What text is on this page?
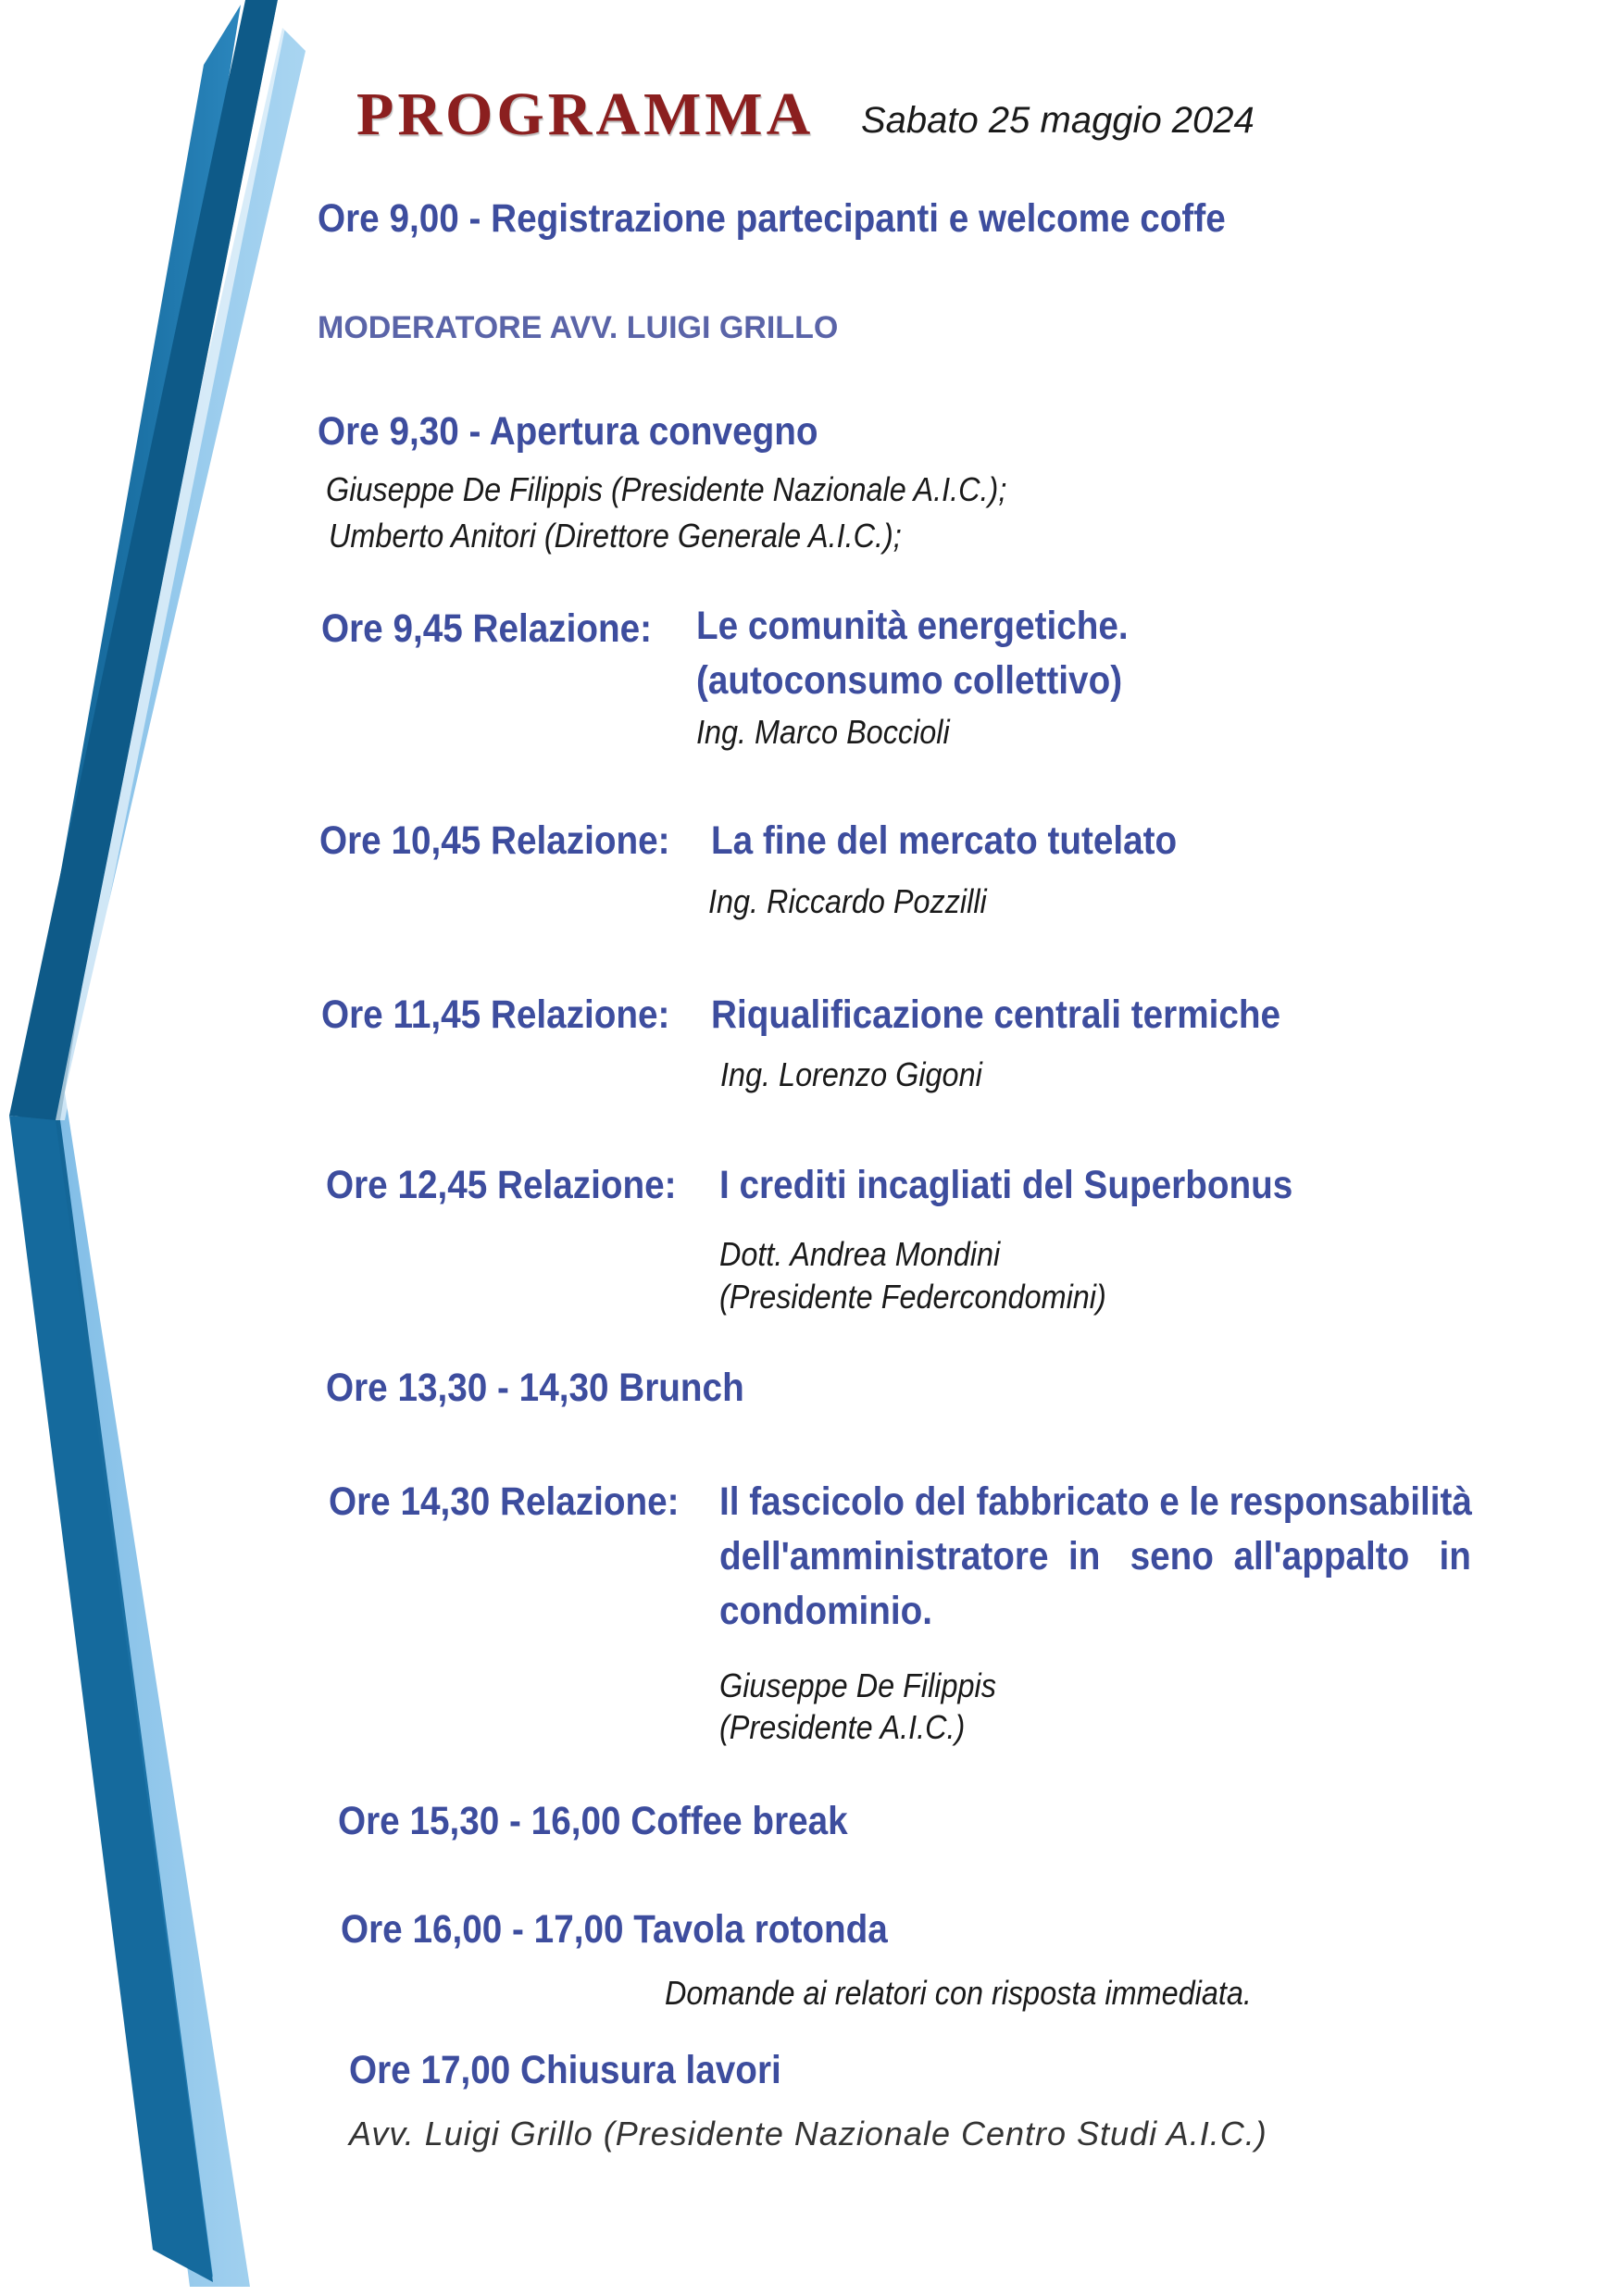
PROGRAMMA Sabato 25 maggio 2024
Ore 9,00 - Registrazione partecipanti e welcome coffe
MODERATORE AVV. LUIGI GRILLO
Ore 9,30 - Apertura convegno
Giuseppe De Filippis (Presidente Nazionale A.I.C.);
Umberto Anitori (Direttore Generale A.I.C.);
Ore 9,45 Relazione: Le comunità energetiche.
(autoconsumo collettivo)
Ing. Marco Boccioli
Ore 10,45 Relazione: La fine del mercato tutelato
Ing. Riccardo Pozzilli
Ore 11,45 Relazione: Riqualificazione centrali termiche
Ing. Lorenzo Gigoni
Ore 12,45 Relazione: I crediti incagliati del Superbonus
Dott. Andrea Mondini
(Presidente Federcondomini)
Ore 13,30 - 14,30 Brunch
Ore 14,30 Relazione: Il fascicolo del fabbricato e le responsabilità
dell'amministratore  in   seno  all'appalto   in
condominio.
Giuseppe De Filippis
(Presidente A.I.C.)
Ore 15,30 - 16,00 Coffee break
Ore 16,00 - 17,00 Tavola rotonda
Domande ai relatori con risposta immediata.
Ore 17,00 Chiusura lavori
Avv. Luigi Grillo (Presidente Nazionale Centro Studi A.I.C.)
